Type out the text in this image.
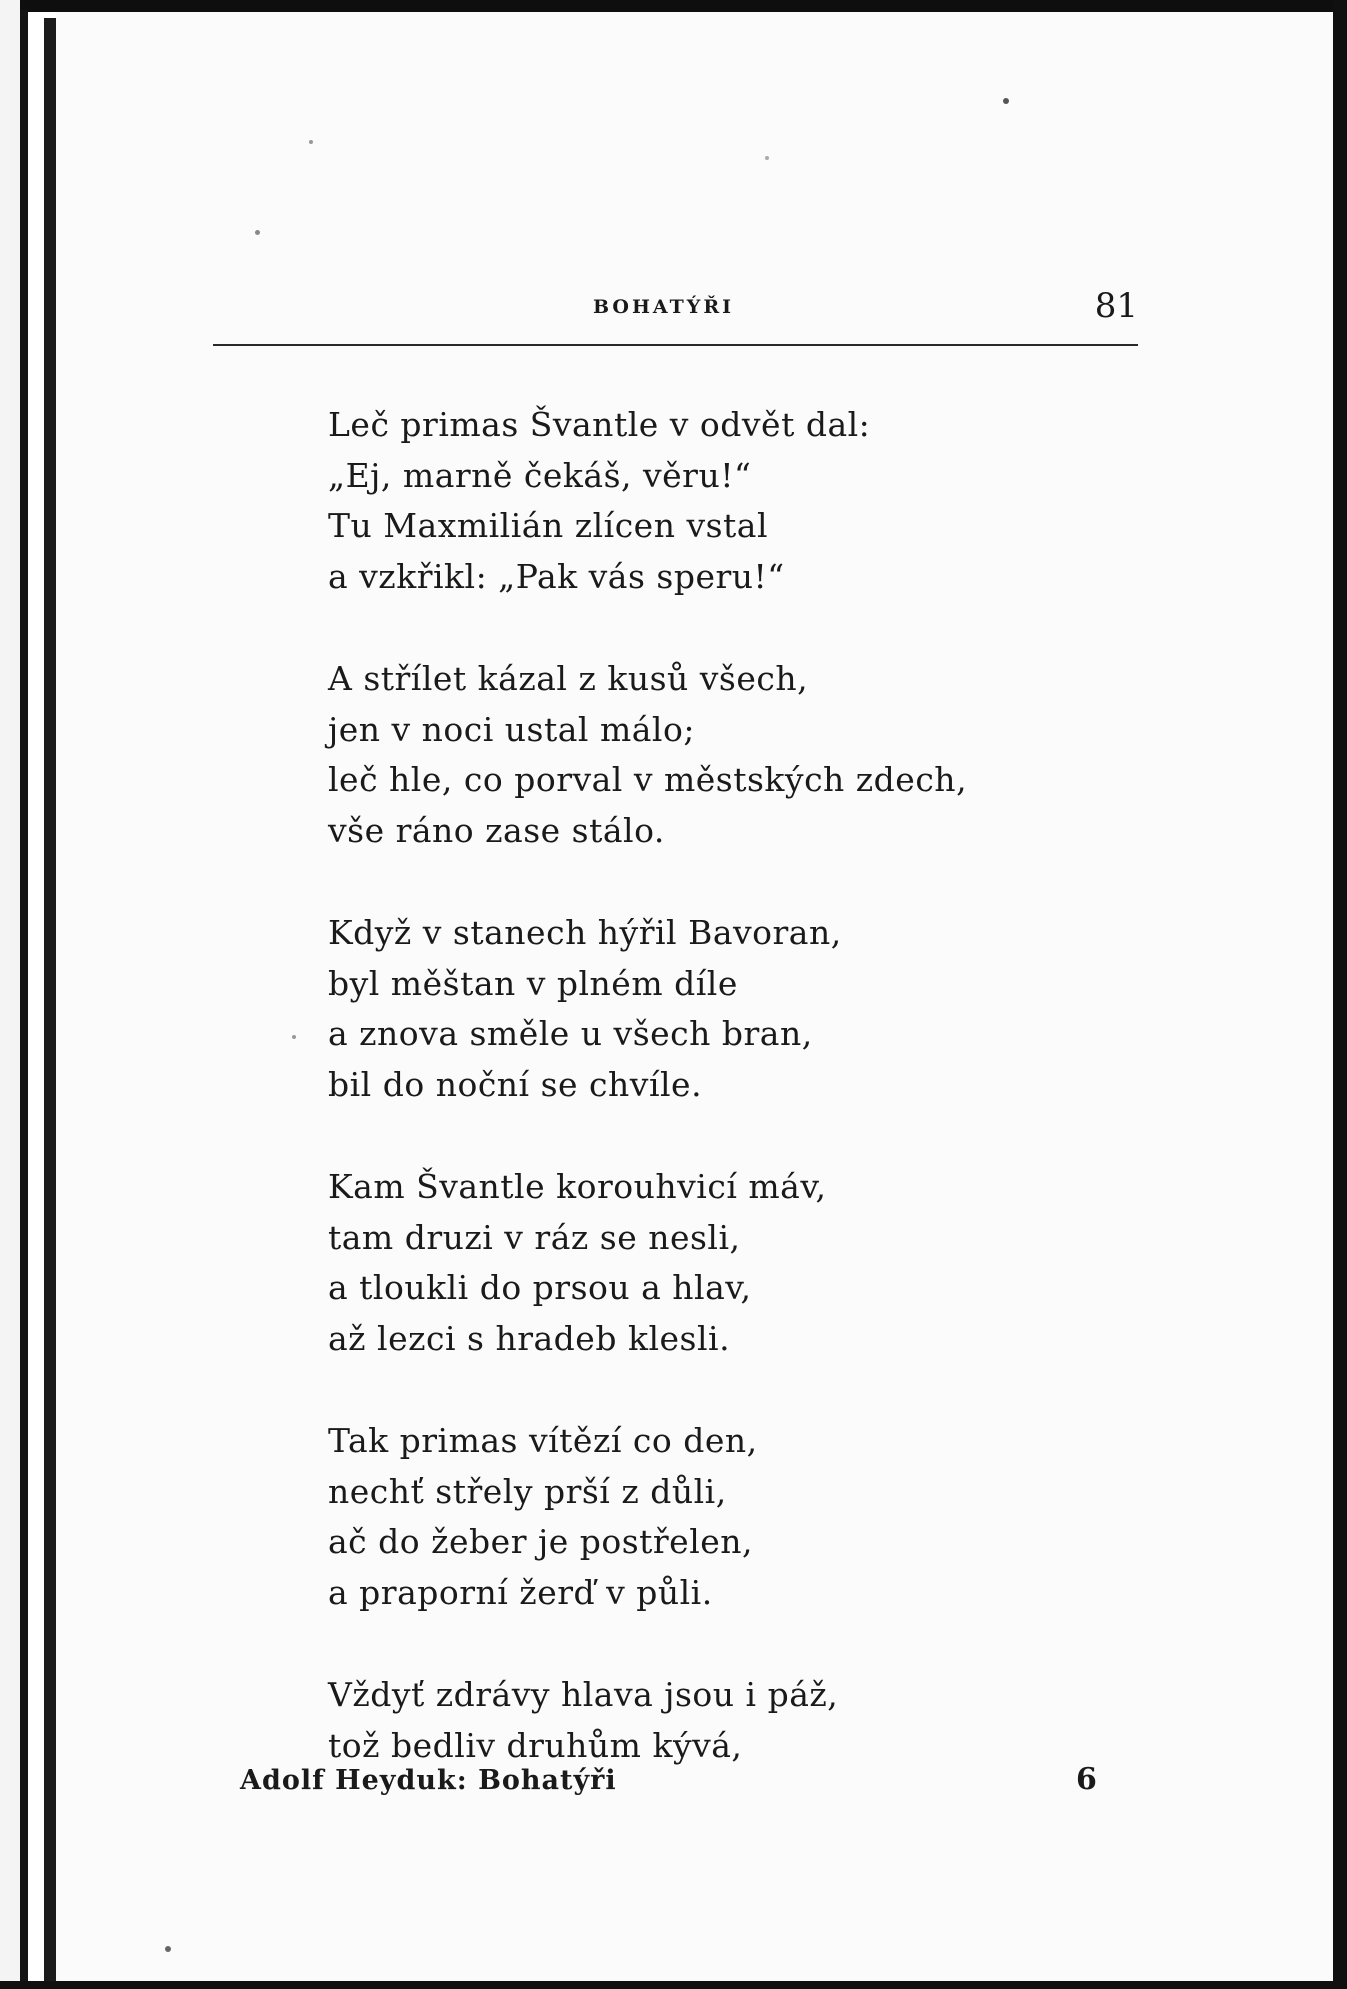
BOHATÝŘI	81
Leč primas Švantle v odvět dal:
„Ej, marně čekáš, věru!“
Tu Maxmilián zlícen vstal
a vzkřikl: „Pak vás speru!“
A střílet kázal z kusů všech,
jen v noci ustal málo;
leč hle, co porval v městských zdech,
vše ráno zase stálo.
Když v stanech hýřil Bavoran,
byl měštan v plném díle
a znova směle u všech bran,
bil do noční se chvíle.
Kam Švantle korouhvicí máv,
tam druzi v ráz se nesli,
a tloukli do prsou a hlav,
až lezci s hradeb klesli.
Tak primas vítězí co den,
nechť střely prší z důli,
ač do žeber je postřelen,
a praporní žerď v půli.
Vždyť zdrávy hlava jsou i páž,
tož bedliv druhům kývá,
Adolf Heyduk: Bohatýři	6
